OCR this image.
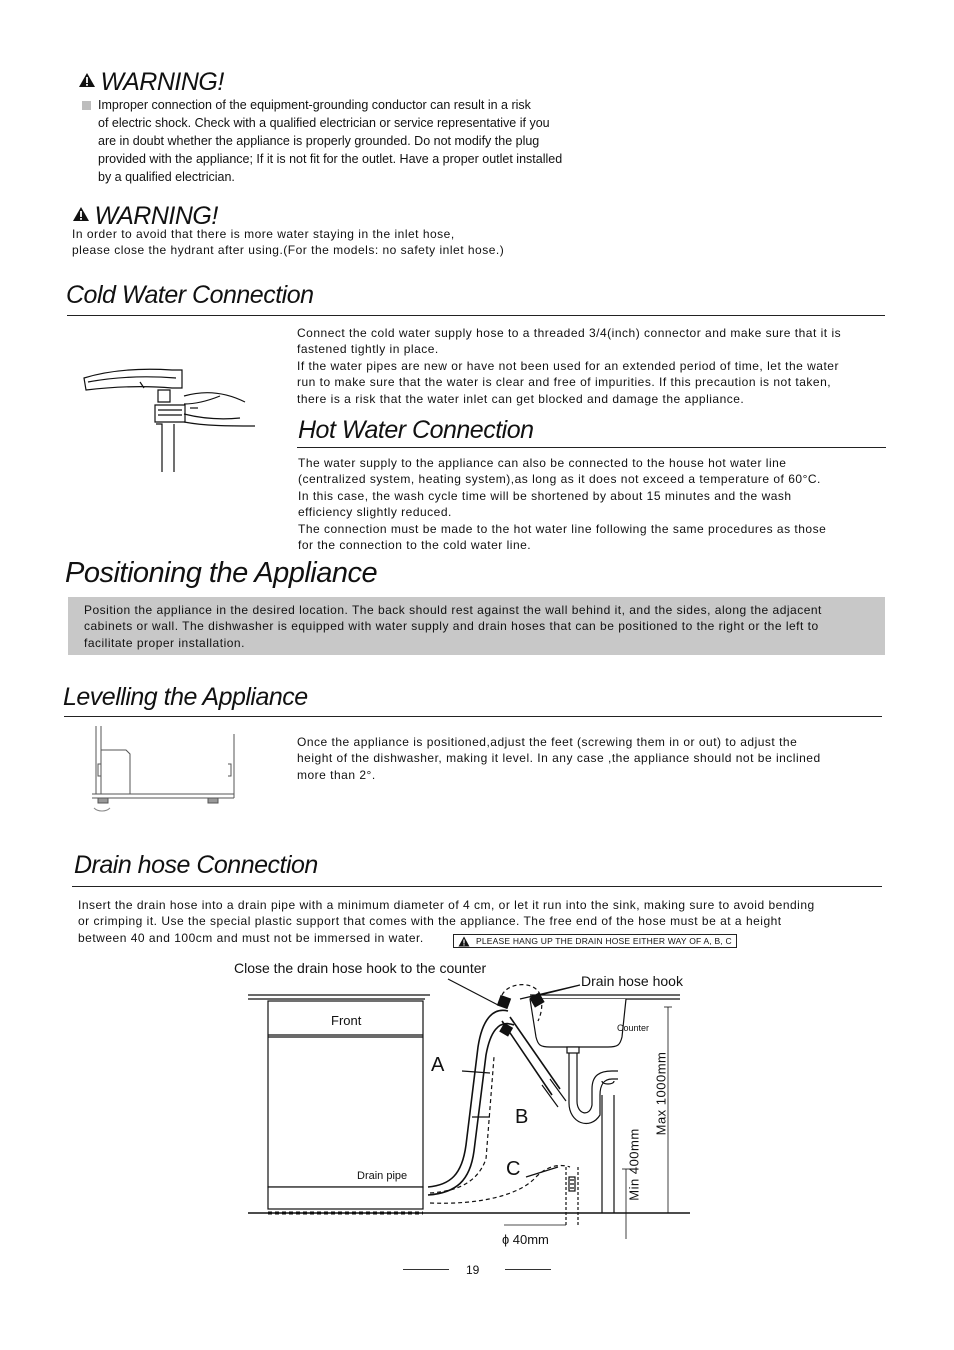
WARNING!
Improper connection of the equipment-grounding conductor can result in a risk
of electric shock. Check with a qualified electrician or service representative if you
are in doubt whether the appliance is properly grounded. Do not modify the plug
provided with the appliance; If it is not fit for the outlet. Have a proper outlet installed
by a qualified electrician.
WARNING!
In order to avoid that there is more water staying in the inlet hose,
please close the hydrant after using.(For the models: no safety inlet hose.)
Cold Water Connection
Connect the cold water supply hose to a threaded 3/4(inch) connector and make sure that it is
fastened tightly in place.
If the water pipes are new or have not been used for an extended period of time, let the water
run to make sure that the water is clear and free of impurities. If this precaution is not taken,
there is a risk that the water inlet can get blocked and damage the appliance.
Hot Water Connection
The water supply to the appliance can also be connected to the house hot water line
(centralized system, heating system),as long as it does not exceed a temperature of 60°C.
In this case, the wash cycle time will be shortened by about 15 minutes and the wash
efficiency slightly reduced.
The connection must be made to the hot water line following the same procedures as those
for the connection to the cold water line.
Positioning the Appliance
Position the appliance in the desired location. The back should rest against the wall behind it, and the sides, along the adjacent
cabinets or wall. The dishwasher is equipped with water supply and drain hoses that can be positioned to the right or the left to
facilitate proper installation.
Levelling the Appliance
Once the appliance is positioned,adjust the feet (screwing them in or out) to adjust the
height of the dishwasher, making it level. In any case ,the appliance should not be inclined
more than 2°.
Drain hose Connection
Insert the drain hose into a drain pipe with a minimum diameter of 4 cm, or let it run into the sink, making sure to avoid bending
or crimping it. Use the special plastic support that comes with the appliance. The free end of the hose must be at a height
between 40 and 100cm and must not be immersed in water.	PLEASE HANG UP THE DRAIN HOSE EITHER WAY OF A, B, C
Close the drain hose hook to the counter
Drain hose hook
Front	Counter
Drain pipe
A
B
C
Max 1000mm
Min 400mm
ɸ 40mm
19
